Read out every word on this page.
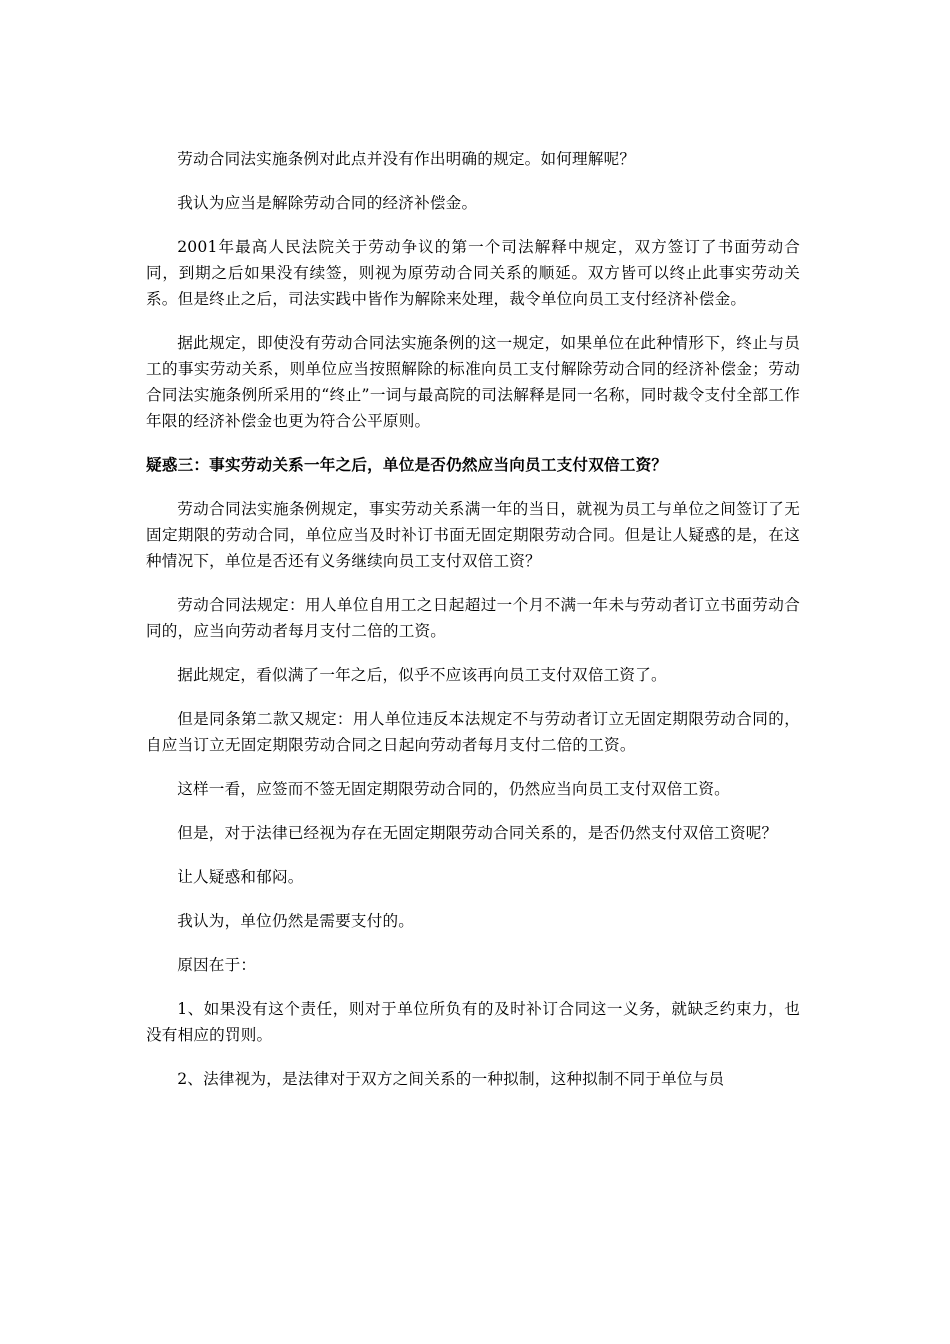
劳动合同法实施条例对此点并没有作出明确的规定。如何理解呢？

我认为应当是解除劳动合同的经济补偿金。

2001年最高人民法院关于劳动争议的第一个司法解释中规定，双方签订了书面劳动合同，到期之后如果没有续签，则视为原劳动合同关系的顺延。双方皆可以终止此事实劳动关系。但是终止之后，司法实践中皆作为解除来处理，裁令单位向员工支付经济补偿金。

据此规定，即使没有劳动合同法实施条例的这一规定，如果单位在此种情形下，终止与员工的事实劳动关系，则单位应当按照解除的标准向员工支付解除劳动合同的经济补偿金；劳动合同法实施条例所采用的“终止”一词与最高院的司法解释是同一名称，同时裁令支付全部工作年限的经济补偿金也更为符合公平原则。

疑惑三：事实劳动关系一年之后，单位是否仍然应当向员工支付双倍工资？

劳动合同法实施条例规定，事实劳动关系满一年的当日，就视为员工与单位之间签订了无固定期限的劳动合同，单位应当及时补订书面无固定期限劳动合同。但是让人疑惑的是，在这种情况下，单位是否还有义务继续向员工支付双倍工资？

劳动合同法规定：用人单位自用工之日起超过一个月不满一年未与劳动者订立书面劳动合同的，应当向劳动者每月支付二倍的工资。

据此规定，看似满了一年之后，似乎不应该再向员工支付双倍工资了。

但是同条第二款又规定：用人单位违反本法规定不与劳动者订立无固定期限劳动合同的，自应当订立无固定期限劳动合同之日起向劳动者每月支付二倍的工资。

这样一看，应签而不签无固定期限劳动合同的，仍然应当向员工支付双倍工资。

但是，对于法律已经视为存在无固定期限劳动合同关系的，是否仍然支付双倍工资呢？

让人疑惑和郁闷。

我认为，单位仍然是需要支付的。

原因在于：

1、如果没有这个责任，则对于单位所负有的及时补订合同这一义务，就缺乏约束力，也没有相应的罚则。

2、法律视为，是法律对于双方之间关系的一种拟制，这种拟制不同于单位与员
